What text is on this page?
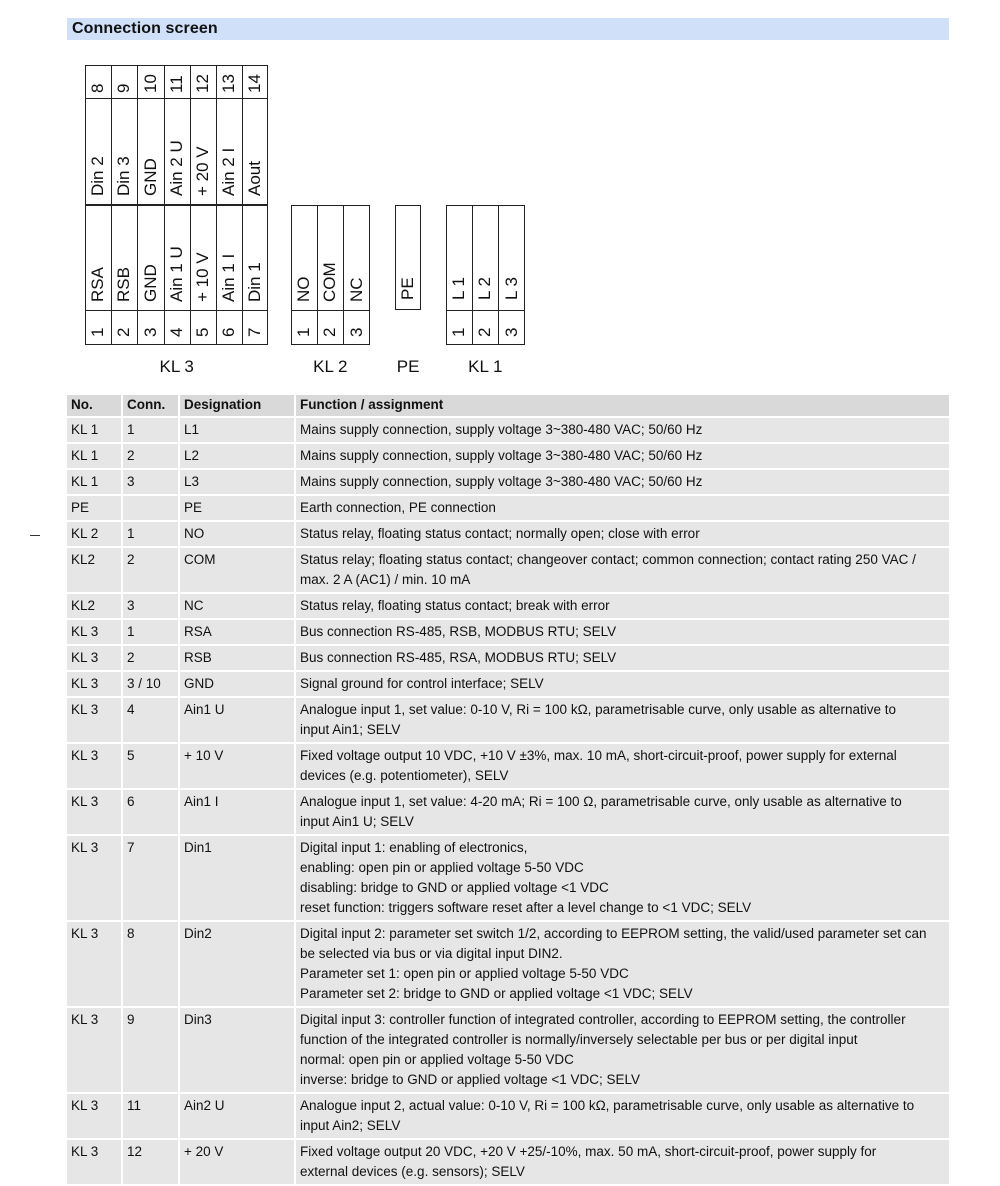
Connection screen
8 9 10 11 12 13 14
Din 2 Din 3 GND Ain 2 U + 20 V Ain 2 I Aout
RSA RSB GND Ain 1 U + 10 V Ain 1 I Din 1
1 2 3 4 5 6 7
KL 3
NO COM NC
1 2 3
KL 2
PE
PE
L 1 L 2 L 3
1 2 3
KL 1
No.	Conn.	Designation	Function / assignment
KL 1	1	L1	Mains supply connection, supply voltage 3~380-480 VAC; 50/60 Hz

KL 1	2	L2	Mains supply connection, supply voltage 3~380-480 VAC; 50/60 Hz

KL 1	3	L3	Mains supply connection, supply voltage 3~380-480 VAC; 50/60 Hz

PE		PE	Earth connection, PE connection

KL 2	1	NO	Status relay, floating status contact; normally open; close with error

KL2	2	COM	Status relay; floating status contact; changeover contact; common connection; contact rating 250 VAC /
max. 2 A (AC1) / min. 10 mA

KL2	3	NC	Status relay, floating status contact; break with error

KL 3	1	RSA	Bus connection RS-485, RSB, MODBUS RTU; SELV

KL 3	2	RSB	Bus connection RS-485, RSA, MODBUS RTU; SELV

KL 3	3 / 10	GND	Signal ground for control interface; SELV

KL 3	4	Ain1 U	Analogue input 1, set value: 0-10 V, Ri = 100 kΩ, parametrisable curve, only usable as alternative to
input Ain1; SELV

KL 3	5	+ 10 V	Fixed voltage output 10 VDC, +10 V ±3%, max. 10 mA, short-circuit-proof, power supply for external
devices (e.g. potentiometer), SELV

KL 3	6	Ain1 I	Analogue input 1, set value: 4-20 mA; Ri = 100 Ω, parametrisable curve, only usable as alternative to
input Ain1 U; SELV

KL 3	7	Din1	Digital input 1: enabling of electronics,
enabling: open pin or applied voltage 5-50 VDC
disabling: bridge to GND or applied voltage <1 VDC
reset function: triggers software reset after a level change to <1 VDC; SELV

KL 3	8	Din2	Digital input 2: parameter set switch 1/2, according to EEPROM setting, the valid/used parameter set can
be selected via bus or via digital input DIN2.
Parameter set 1: open pin or applied voltage 5-50 VDC
Parameter set 2: bridge to GND or applied voltage <1 VDC; SELV

KL 3	9	Din3	Digital input 3: controller function of integrated controller, according to EEPROM setting, the controller
function of the integrated controller is normally/inversely selectable per bus or per digital input
normal: open pin or applied voltage 5-50 VDC
inverse: bridge to GND or applied voltage <1 VDC; SELV

KL 3	11	Ain2 U	Analogue input 2, actual value: 0-10 V, Ri = 100 kΩ, parametrisable curve, only usable as alternative to
input Ain2; SELV

KL 3	12	+ 20 V	Fixed voltage output 20 VDC, +20 V +25/-10%, max. 50 mA, short-circuit-proof, power supply for
external devices (e.g. sensors); SELV
